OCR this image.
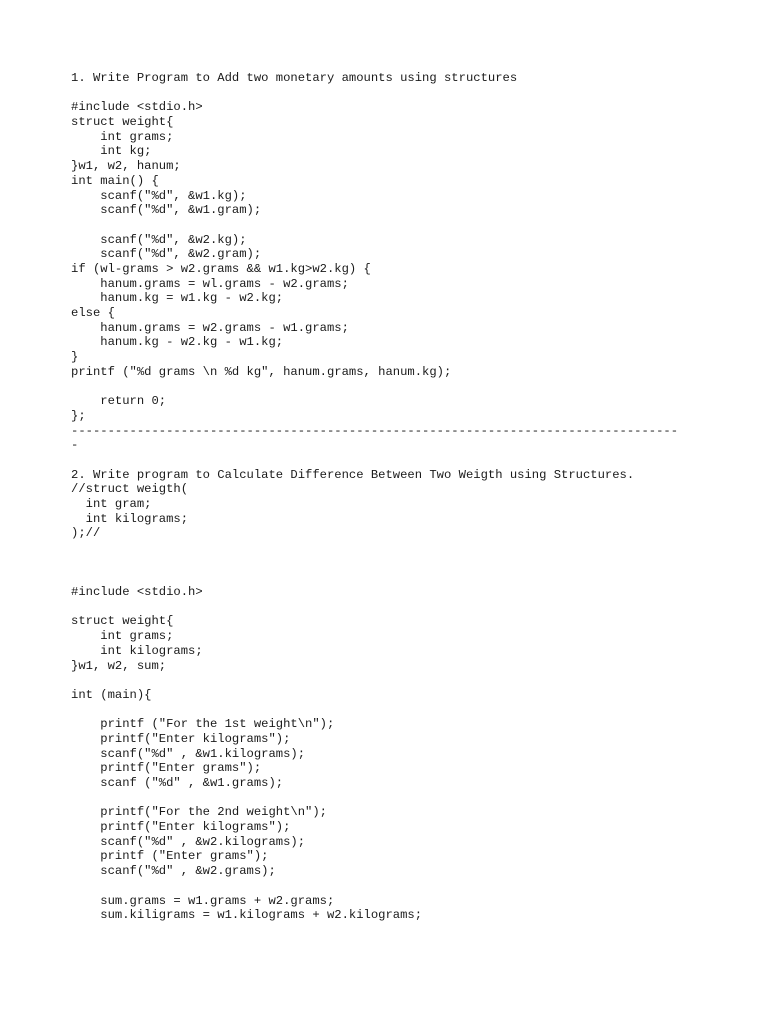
1. Write Program to Add two monetary amounts using structures
#include <stdio.h>
struct weight{
int grams;
int kg;
}w1, w2, hanum;
int main() {
scanf("%d", &w1.kg);
scanf("%d", &w1.gram);
scanf("%d", &w2.kg);
scanf("%d", &w2.gram);
if (wl-grams > w2.grams && w1.kg>w2.kg) {
hanum.grams = wl.grams - w2.grams;
hanum.kg = w1.kg - w2.kg;
else {
hanum.grams = w2.grams - w1.grams;
hanum.kg - w2.kg - w1.kg;
}
printf ("%d grams \n %d kg", hanum.grams, hanum.kg);
return 0;
};
-----------------------------------------------------------------------------------
-
2. Write program to Calculate Difference Between Two Weigth using Structures.
//struct weigth(
int gram;
int kilograms;
);//
#include <stdio.h>
struct weight{
int grams;
int kilograms;
}w1, w2, sum;
int (main){
printf ("For the 1st weight\n");
printf("Enter kilograms");
scanf("%d" , &w1.kilograms);
printf("Enter grams");
scanf ("%d" , &w1.grams);
printf("For the 2nd weight\n");
printf("Enter kilograms");
scanf("%d" , &w2.kilograms);
printf ("Enter grams");
scanf("%d" , &w2.grams);
sum.grams = w1.grams + w2.grams;
sum.kiligrams = w1.kilograms + w2.kilograms;
